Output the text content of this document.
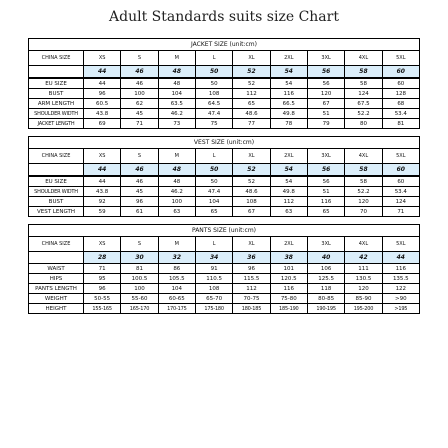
Adult Standards suits size Chart
JACKET SIZE (unit:cm)
CHINA SIZE	XS	S	M	L	XL	2XL	3XL	4XL	5XL
	44	46	48	50	52	54	56	58	60
EU SIZE	44	46	48	50	52	54	56	58	60
BUST	96	100	104	108	112	116	120	124	128
ARM LENGTH	60.5	62	63.5	64.5	65	66.5	67	67.5	68
SHOULDER WIDTH	43.8	45	46.2	47.4	48.6	49.8	51	52.2	53.4
JACKET LENGTH	69	71	73	75	77	78	79	80	81
VEST SIZE (unit:cm)
CHINA SIZE	XS	S	M	L	XL	2XL	3XL	4XL	5XL
	44	46	48	50	52	54	56	58	60
EU SIZE	44	46	48	50	52	54	56	58	60
SHOULDER WIDTH	43.8	45	46.2	47.4	48.6	49.8	51	52.2	53.4
BUST	92	96	100	104	108	112	116	120	124
VEST LENGTH	59	61	63	65	67	63	65	70	71
PANTS SIZE (unit:cm)
CHINA SIZE	XS	S	M	L	XL	2XL	3XL	4XL	5XL
	28	30	32	34	36	38	40	42	44
WAIST	71	81	86	91	96	101	106	111	116
HIPS	95	100.5	105.5	110.5	115.5	120.5	125.5	130.5	135.5
PANTS LENGTH	96	100	104	108	112	116	118	120	122
WEIGHT	50-55	55-60	60-65	65-70	70-75	75-80	80-85	85-90	>90
HEIGHT	155-165	165-170	170-175	175-180	180-185	185-190	190-195	195-200	>195
